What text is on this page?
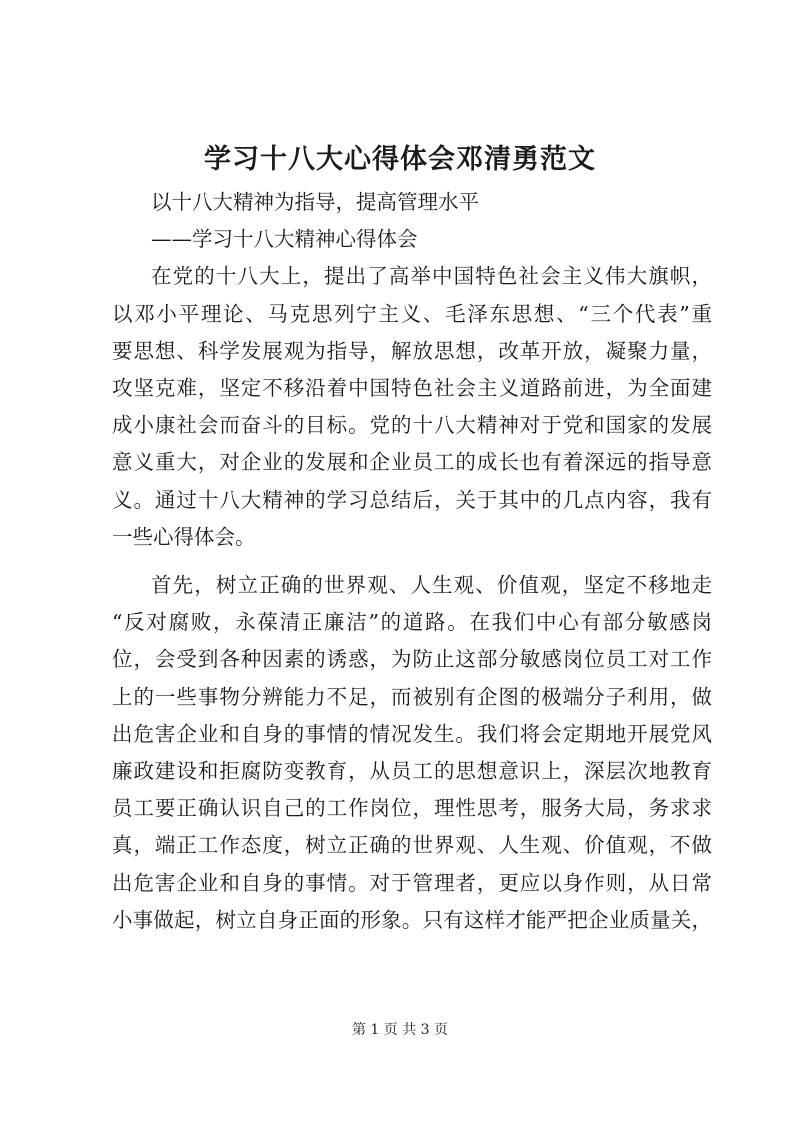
学习十八大心得体会邓清勇范文
以十八大精神为指导，提高管理水平
——学习十八大精神心得体会
在党的十八大上，提出了高举中国特色社会主义伟大旗帜，
以邓小平理论、马克思列宁主义、毛泽东思想、“三个代表”重
要思想、科学发展观为指导，解放思想，改革开放，凝聚力量，
攻坚克难，坚定不移沿着中国特色社会主义道路前进，为全面建
成小康社会而奋斗的目标。党的十八大精神对于党和国家的发展
意义重大，对企业的发展和企业员工的成长也有着深远的指导意
义。通过十八大精神的学习总结后，关于其中的几点内容，我有
一些心得体会。
首先，树立正确的世界观、人生观、价值观，坚定不移地走
“反对腐败，永葆清正廉洁”的道路。在我们中心有部分敏感岗
位，会受到各种因素的诱惑，为防止这部分敏感岗位员工对工作
上的一些事物分辨能力不足，而被别有企图的极端分子利用，做
出危害企业和自身的事情的情况发生。我们将会定期地开展党风
廉政建设和拒腐防变教育，从员工的思想意识上，深层次地教育
员工要正确认识自己的工作岗位，理性思考，服务大局，务求求
真，端正工作态度，树立正确的世界观、人生观、价值观，不做
出危害企业和自身的事情。对于管理者，更应以身作则，从日常
小事做起，树立自身正面的形象。只有这样才能严把企业质量关，
第 1 页 共 3 页
